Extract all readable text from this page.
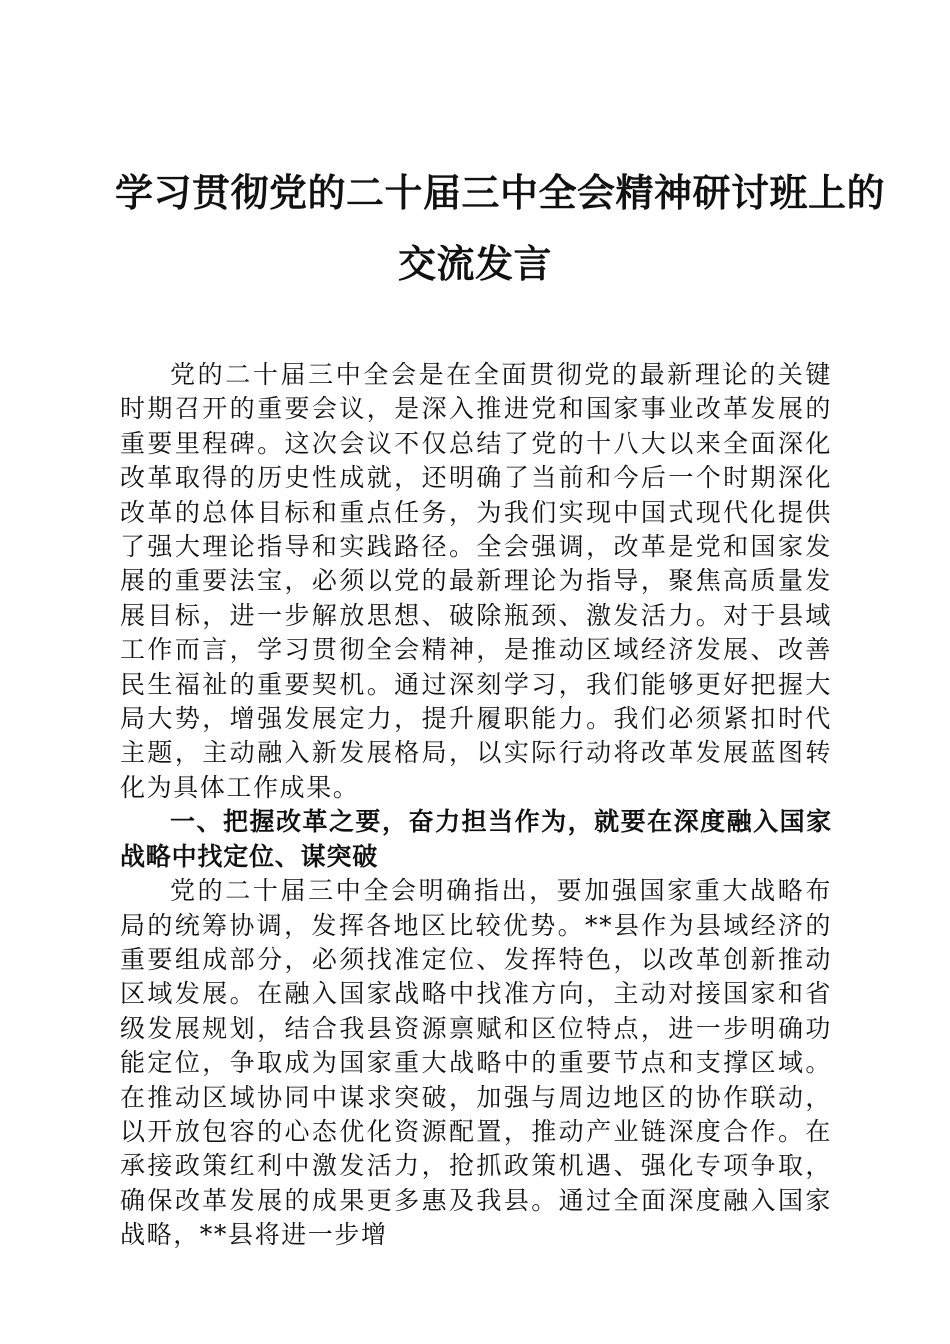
学习贯彻党的二十届三中全会精神研讨班上的
交流发言

党的二十届三中全会是在全面贯彻党的最新理论的关键时期召开的重要会议，是深入推进党和国家事业改革发展的重要里程碑。这次会议不仅总结了党的十八大以来全面深化改革取得的历史性成就，还明确了当前和今后一个时期深化改革的总体目标和重点任务，为我们实现中国式现代化提供了强大理论指导和实践路径。全会强调，改革是党和国家发展的重要法宝，必须以党的最新理论为指导，聚焦高质量发展目标，进一步解放思想、破除瓶颈、激发活力。对于县域工作而言，学习贯彻全会精神，是推动区域经济发展、改善民生福祉的重要契机。通过深刻学习，我们能够更好把握大局大势，增强发展定力，提升履职能力。我们必须紧扣时代主题，主动融入新发展格局，以实际行动将改革发展蓝图转化为具体工作成果。

一、把握改革之要，奋力担当作为，就要在深度融入国家战略中找定位、谋突破

党的二十届三中全会明确指出，要加强国家重大战略布局的统筹协调，发挥各地区比较优势。**县作为县域经济的重要组成部分，必须找准定位、发挥特色，以改革创新推动区域发展。在融入国家战略中找准方向，主动对接国家和省级发展规划，结合我县资源禀赋和区位特点，进一步明确功能定位，争取成为国家重大战略中的重要节点和支撑区域。在推动区域协同中谋求突破，加强与周边地区的协作联动，以开放包容的心态优化资源配置，推动产业链深度合作。在承接政策红利中激发活力，抢抓政策机遇、强化专项争取，确保改革发展的成果更多惠及我县。通过全面深度融入国家战略，**县将进一步增
